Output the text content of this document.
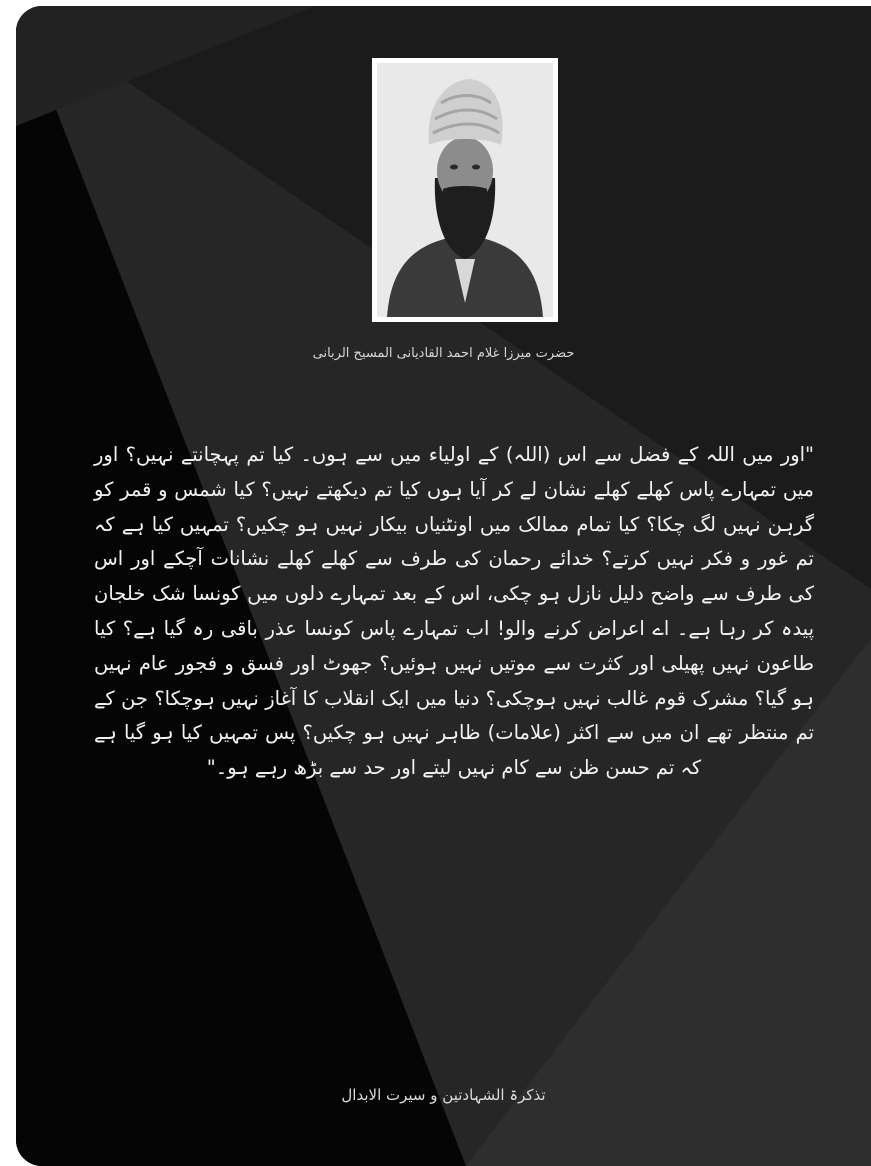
حضرت میرزا غلام احمد القادیانی المسیح الربانی
"اور میں اللہ کے فضل سے اس (اللہ) کے اولیاء میں سے ہوں۔ کیا تم پہچانتے نہیں؟ اور میں تمہارے پاس کھلے کھلے نشان لے کر آیا ہوں کیا تم دیکھتے نہیں؟ کیا شمس و قمر کو گرہن نہیں لگ چکا؟ کیا تمام ممالک میں اونٹنیاں بیکار نہیں ہو چکیں؟ تمہیں کیا ہے کہ تم غور و فکر نہیں کرتے؟ خدائے رحمان کی طرف سے کھلے کھلے نشانات آچکے اور اس کی طرف سے واضح دلیل نازل ہو چکی، اس کے بعد تمہارے دلوں میں کونسا شک خلجان پیدہ کر رہا ہے۔ اے اعراض کرنے والو! اب تمہارے پاس کونسا عذر باقی رہ گیا ہے؟ کیا طاعون نہیں پھیلی اور کثرت سے موتیں نہیں ہوئیں؟ جھوٹ اور فسق و فجور عام نہیں ہو گیا؟ مشرک قوم غالب نہیں ہوچکی؟ دنیا میں ایک انقلاب کا آغاز نہیں ہوچکا؟ جن کے تم منتظر تھے ان میں سے اکثر (علامات) ظاہر نہیں ہو چکیں؟ پس تمہیں کیا ہو گیا ہے کہ تم حسن ظن سے کام نہیں لیتے اور حد سے بڑھ رہے ہو۔"
تذکرۃ الشہادتین و سیرت الابدال
